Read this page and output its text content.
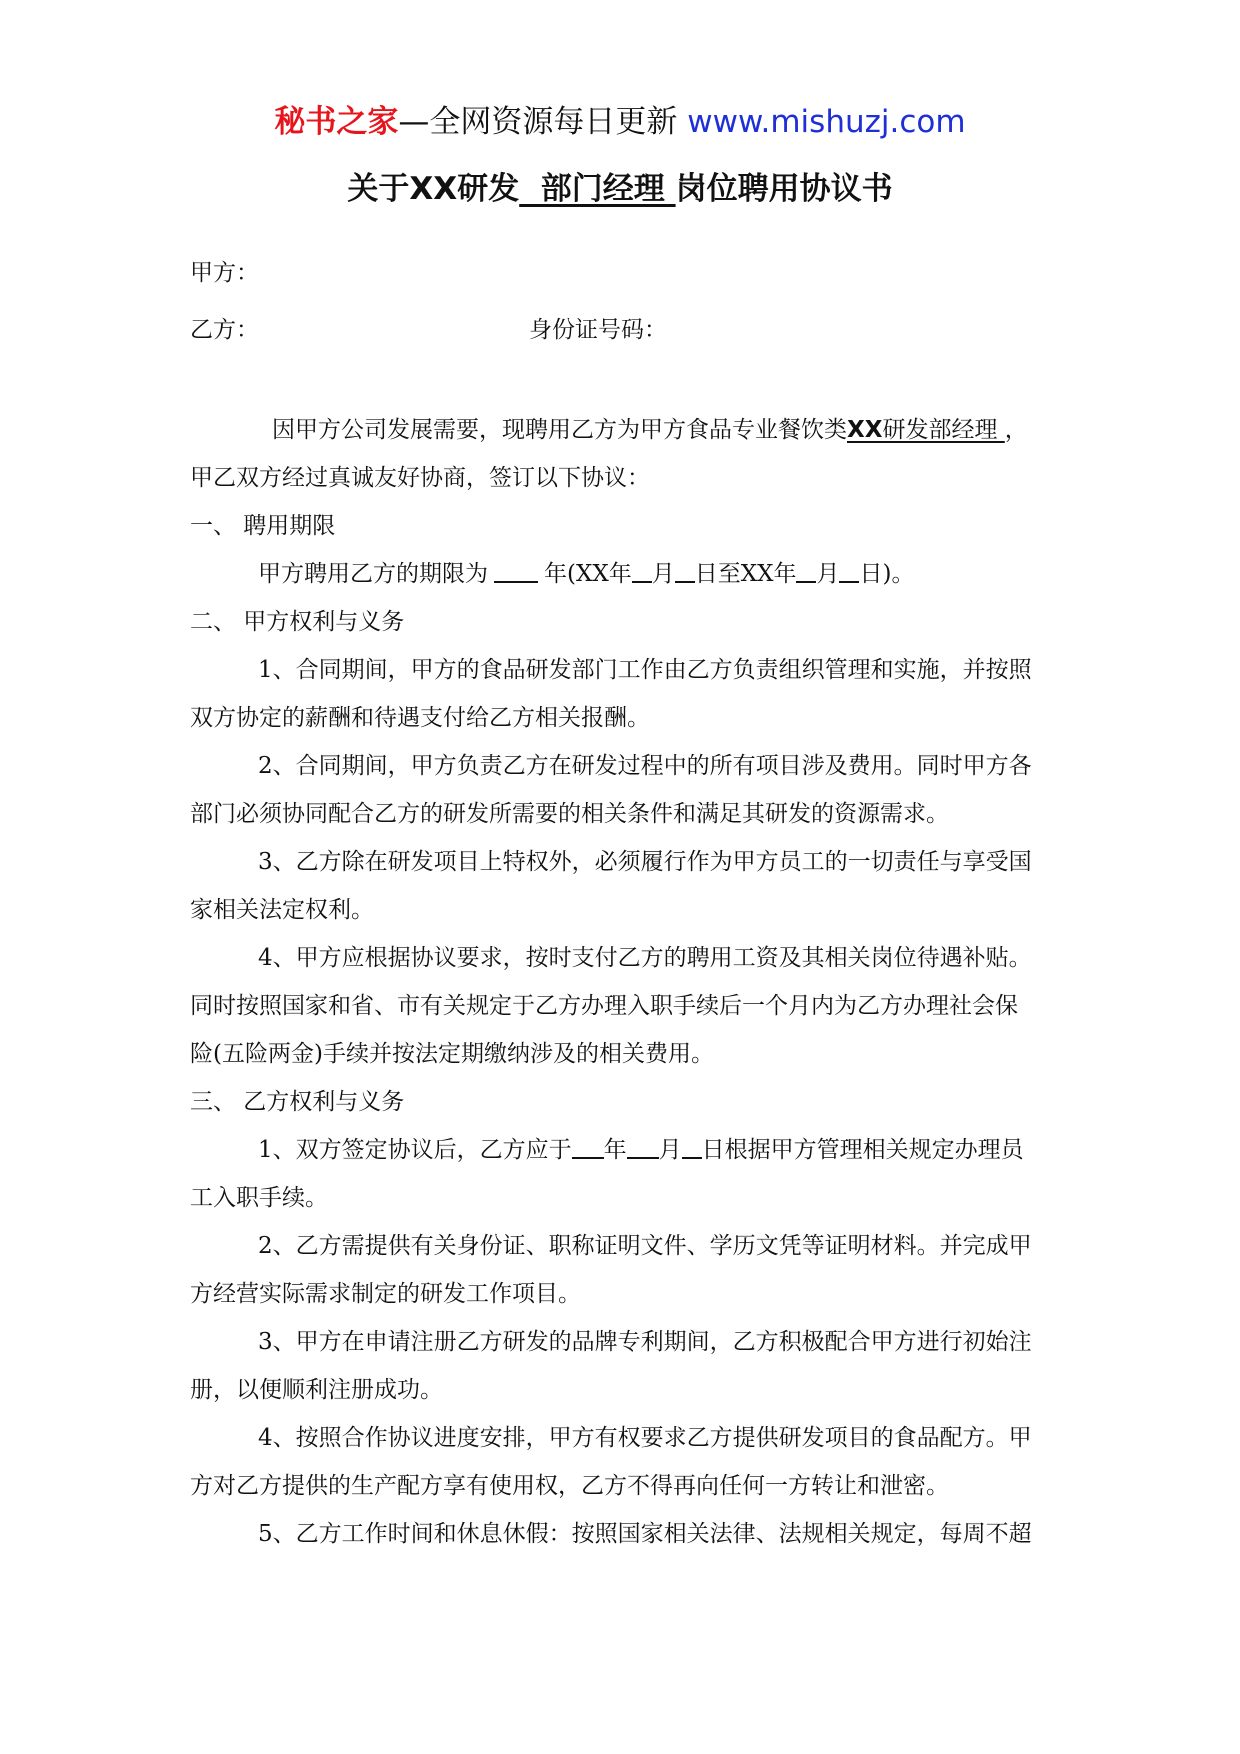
秘书之家—全网资源每日更新 www.mishuzj.com
关于XX研发  部门经理 岗位聘用协议书
甲方：
乙方：	身份证号码：
因甲方公司发展需要，现聘用乙方为甲方食品专业餐饮类XX研发部经理 ，
甲乙双方经过真诚友好协商，签订以下协议：
一、 聘用期限
甲方聘用乙方的期限为 年(XX年 月 日至XX年 月 日)。
二、 甲方权利与义务
1、合同期间，甲方的食品研发部门工作由乙方负责组织管理和实施，并按照
双方协定的薪酬和待遇支付给乙方相关报酬。
2、合同期间，甲方负责乙方在研发过程中的所有项目涉及费用。同时甲方各
部门必须协同配合乙方的研发所需要的相关条件和满足其研发的资源需求。
3、乙方除在研发项目上特权外，必须履行作为甲方员工的一切责任与享受国
家相关法定权利。
4、甲方应根据协议要求，按时支付乙方的聘用工资及其相关岗位待遇补贴。
同时按照国家和省、市有关规定于乙方办理入职手续后一个月内为乙方办理社会保
险(五险两金)手续并按法定期缴纳涉及的相关费用。
三、 乙方权利与义务
1、双方签定协议后，乙方应于 年 月 日根据甲方管理相关规定办理员
工入职手续。
2、乙方需提供有关身份证、职称证明文件、学历文凭等证明材料。并完成甲
方经营实际需求制定的研发工作项目。
3、甲方在申请注册乙方研发的品牌专利期间，乙方积极配合甲方进行初始注
册，以便顺利注册成功。
4、按照合作协议进度安排，甲方有权要求乙方提供研发项目的食品配方。甲
方对乙方提供的生产配方享有使用权，乙方不得再向任何一方转让和泄密。
5、乙方工作时间和休息休假：按照国家相关法律、法规相关规定，每周不超
